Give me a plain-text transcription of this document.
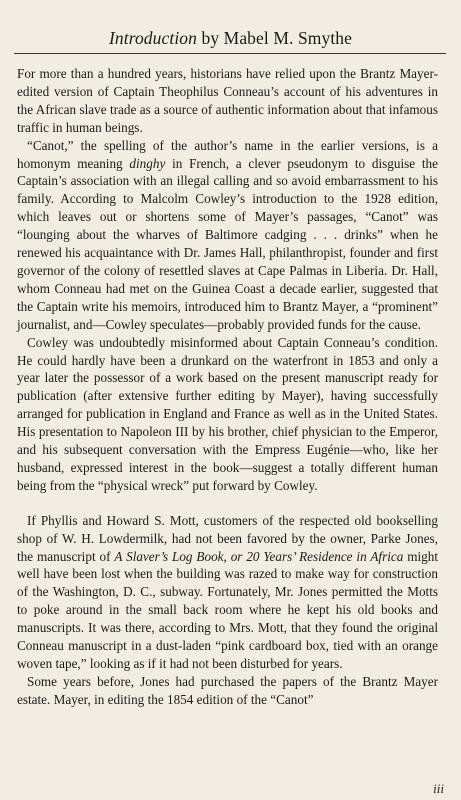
Introduction by Mabel M. Smythe

For more than a hundred years, historians have relied upon the Brantz Mayer-edited version of Captain Theophilus Conneau’s account of his adventures in the African slave trade as a source of authentic information about that infamous traffic in human beings.

“Canot,” the spelling of the author’s name in the earlier versions, is a homonym meaning dinghy in French, a clever pseudonym to disguise the Captain’s association with an illegal calling and so avoid embarrassment to his family. According to Malcolm Cowley’s introduction to the 1928 edition, which leaves out or shortens some of Mayer’s passages, “Canot” was “lounging about the wharves of Baltimore cadging . . . drinks” when he renewed his acquaintance with Dr. James Hall, philanthropist, founder and first governor of the colony of resettled slaves at Cape Palmas in Liberia. Dr. Hall, whom Conneau had met on the Guinea Coast a decade earlier, suggested that the Captain write his memoirs, introduced him to Brantz Mayer, a “prominent” journalist, and—Cowley speculates—probably provided funds for the cause.

Cowley was undoubtedly misinformed about Captain Conneau’s condition. He could hardly have been a drunkard on the waterfront in 1853 and only a year later the possessor of a work based on the present manuscript ready for publication (after extensive further editing by Mayer), having successfully arranged for publication in England and France as well as in the United States. His presentation to Napoleon III by his brother, chief physician to the Emperor, and his subsequent conversation with the Empress Eugénie—who, like her husband, expressed interest in the book—suggest a totally different human being from the “physical wreck” put forward by Cowley.

If Phyllis and Howard S. Mott, customers of the respected old bookselling shop of W. H. Lowdermilk, had not been favored by the owner, Parke Jones, the manuscript of A Slaver’s Log Book, or 20 Years’ Residence in Africa might well have been lost when the building was razed to make way for construction of the Washington, D. C., subway. Fortunately, Mr. Jones permitted the Motts to poke around in the small back room where he kept his old books and manuscripts. It was there, according to Mrs. Mott, that they found the original Conneau manuscript in a dust-laden “pink cardboard box, tied with an orange woven tape,” looking as if it had not been disturbed for years.

Some years before, Jones had purchased the papers of the Brantz Mayer estate. Mayer, in editing the 1854 edition of the “Canot”

iii
